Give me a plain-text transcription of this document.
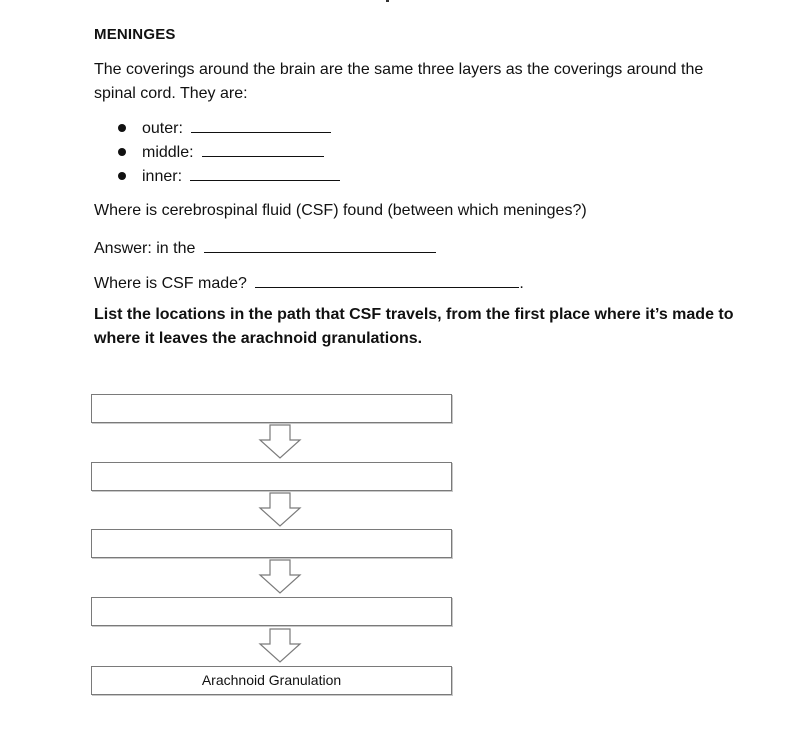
MENINGES
The coverings around the brain are the same three layers as the coverings around the spinal cord. They are:
outer:
middle:
inner:
Where is cerebrospinal fluid (CSF) found (between which meninges?)
Answer: in the
Where is CSF made?	.
List the locations in the path that CSF travels, from the first place where it’s made to where it leaves the arachnoid granulations.
Arachnoid Granulation
